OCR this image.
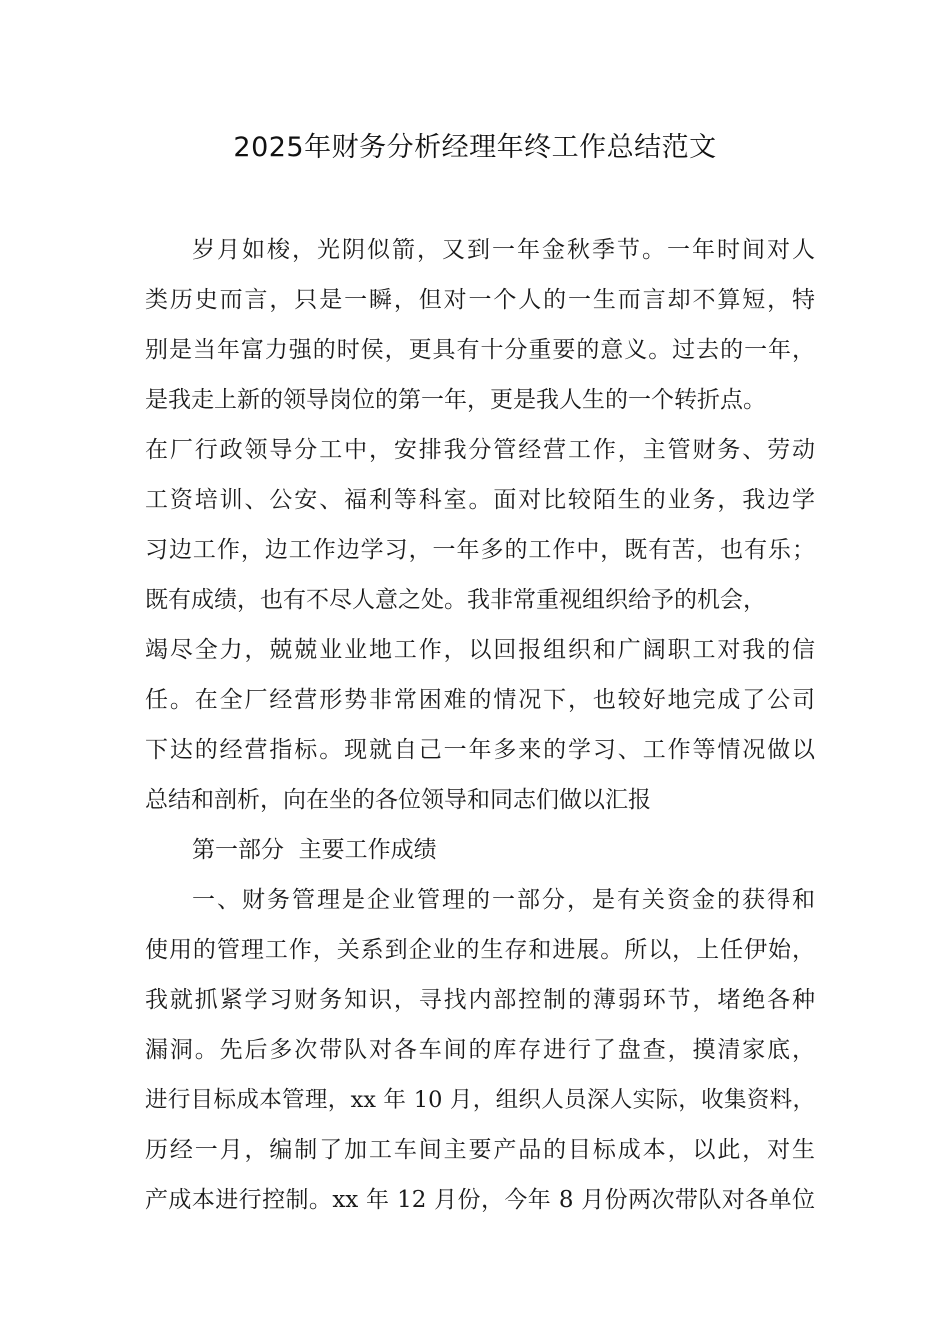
2025年财务分析经理年终工作总结范文
岁月如梭，光阴似箭，又到一年金秋季节。一年时间对人
类历史而言，只是一瞬，但对一个人的一生而言却不算短，特
别是当年富力强的时侯，更具有十分重要的意义。过去的一年，
是我走上新的领导岗位的第一年，更是我人生的一个转折点。
在厂行政领导分工中，安排我分管经营工作，主管财务、劳动
工资培训、公安、福利等科室。面对比较陌生的业务，我边学
习边工作，边工作边学习，一年多的工作中，既有苦，也有乐；
既有成绩，也有不尽人意之处。我非常重视组织给予的机会，
竭尽全力，兢兢业业地工作，以回报组织和广阔职工对我的信
任。在全厂经营形势非常困难的情况下，也较好地完成了公司
下达的经营指标。现就自己一年多来的学习、工作等情况做以
总结和剖析，向在坐的各位领导和同志们做以汇报
第一部分  主要工作成绩
一、财务管理是企业管理的一部分，是有关资金的获得和
使用的管理工作，关系到企业的生存和进展。所以，上任伊始，
我就抓紧学习财务知识，寻找内部控制的薄弱环节，堵绝各种
漏洞。先后多次带队对各车间的库存进行了盘查，摸清家底，
进行目标成本管理，xx 年 10 月，组织人员深人实际，收集资料，
历经一月，编制了加工车间主要产品的目标成本，以此，对生
产成本进行控制。xx 年 12 月份，今年 8 月份两次带队对各单位
